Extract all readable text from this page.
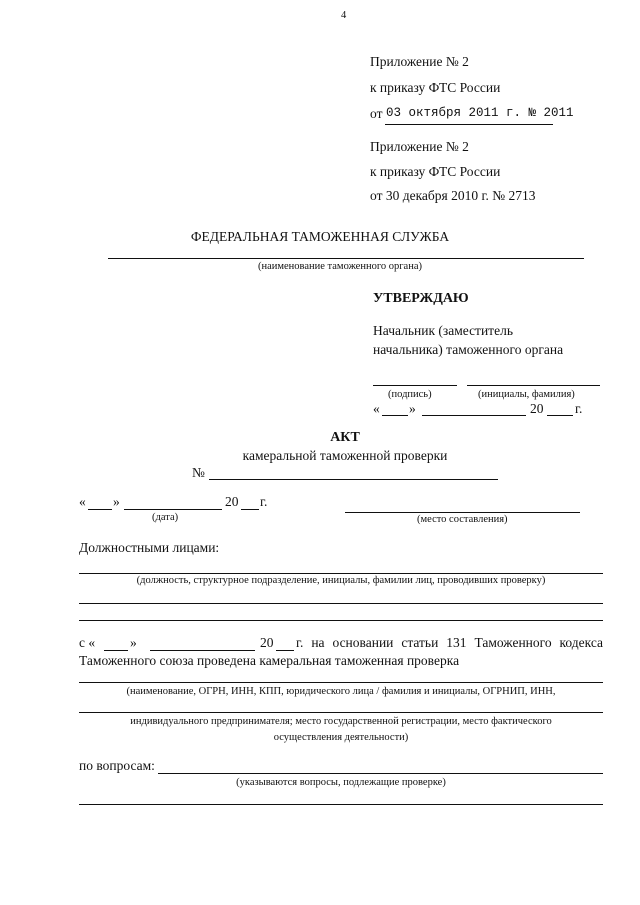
4
Приложение № 2
к приказу ФТС России
от 03 октября 2011 г. № 2011
Приложение № 2
к приказу ФТС России
от 30 декабря 2010 г. № 2713
ФЕДЕРАЛЬНАЯ ТАМОЖЕННАЯ СЛУЖБА
(наименование таможенного органа)
УТВЕРЖДАЮ
Начальник (заместитель
начальника) таможенного органа
(подпись)	(инициалы, фамилия)
« »	20 г.
АКТ
камеральной таможенной проверки
№
« »	20 г.
(дата)	(место составления)
Должностными лицами:
(должность, структурное подразделение, инициалы, фамилии лиц, проводивших проверку)
с «	»	20 г. на основании статьи 131 Таможенного кодекса
Таможенного союза проведена камеральная таможенная проверка
(наименование, ОГРН, ИНН, КПП, юридического лица / фамилия и инициалы, ОГРНИП, ИНН,
индивидуального предпринимателя; место государственной регистрации, место фактического
осуществления деятельности)
по вопросам:
(указываются вопросы, подлежащие проверке)
